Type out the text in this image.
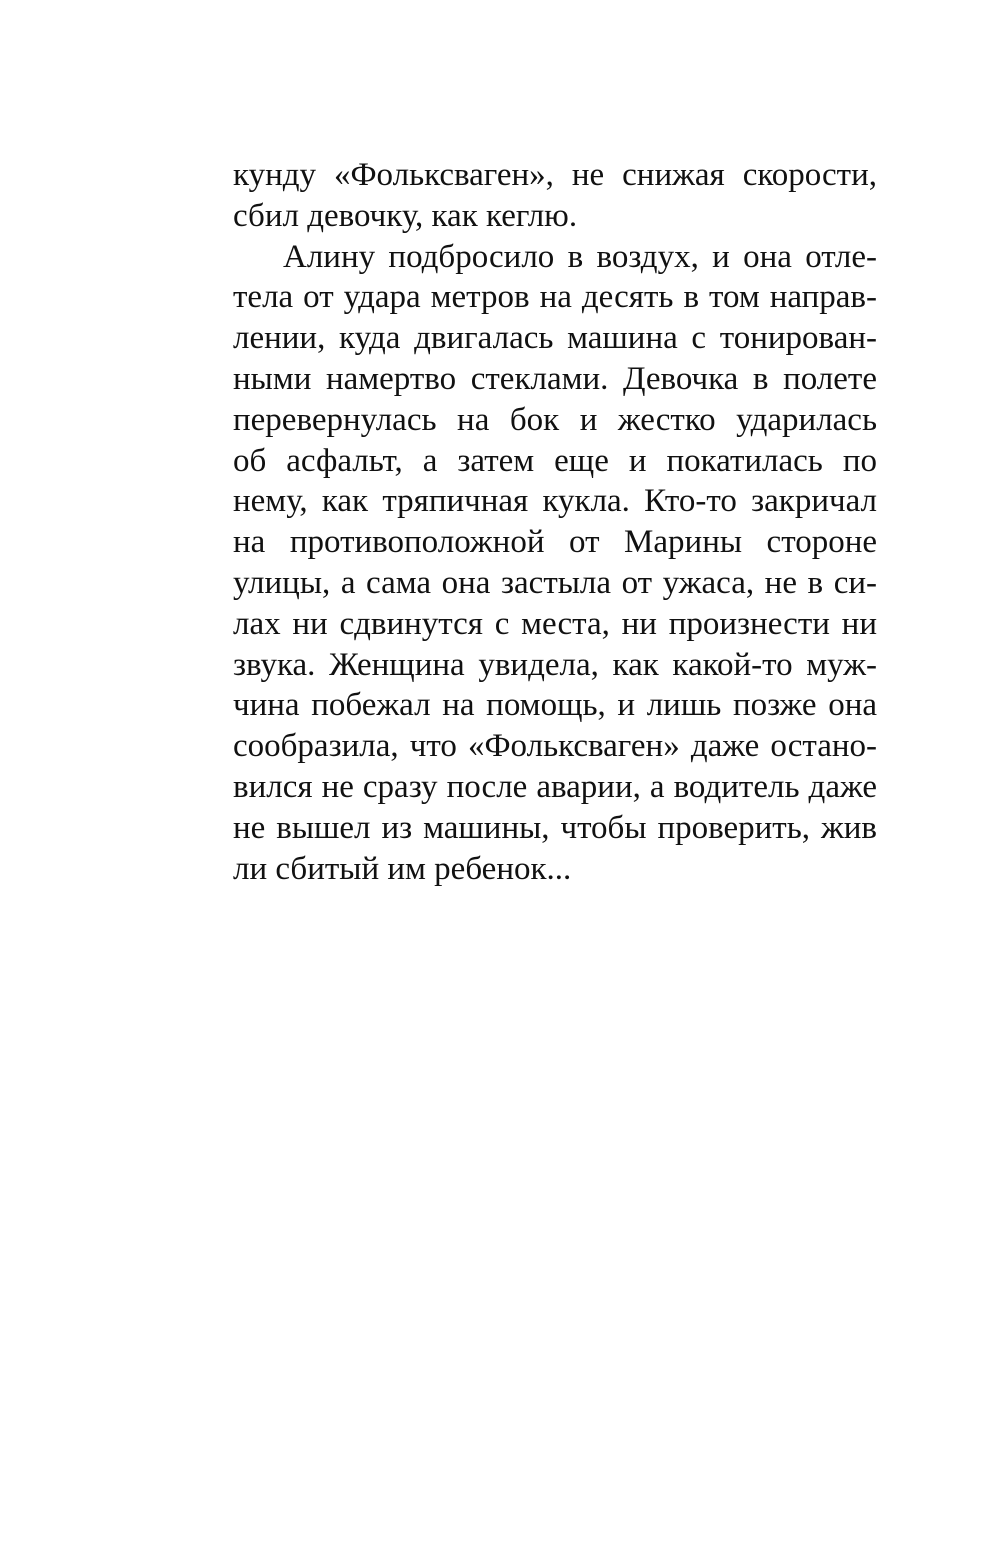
кунду «Фольксваген», не снижая скорости,
сбил девочку, как кеглю.
Алину подбросило в воздух, и она отле-
тела от удара метров на десять в том направ-
лении, куда двигалась машина с тонирован-
ными намертво стеклами. Девочка в полете
перевернулась на бок и жестко ударилась
об асфальт, а затем еще и покатилась по
нему, как тряпичная кукла. Кто-то закричал
на противоположной от Марины стороне
улицы, а сама она застыла от ужаса, не в си-
лах ни сдвинутся с места, ни произнести ни
звука. Женщина увидела, как какой-то муж-
чина побежал на помощь, и лишь позже она
сообразила, что «Фольксваген» даже остано-
вился не сразу после аварии, а водитель даже
не вышел из машины, чтобы проверить, жив
ли сбитый им ребенок...
